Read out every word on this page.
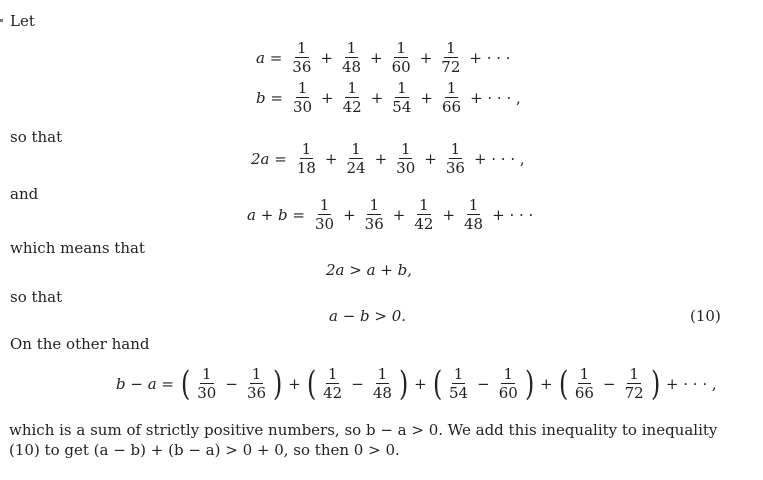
Let
$a = \frac{1}{36} + \frac{1}{48} + \frac{1}{60} + \frac{1}{72}$ + · · ·
$b = \frac{1}{30} + \frac{1}{42} + \frac{1}{54} + \frac{1}{66}$ + · · · ,
so that
$2a = \frac{1}{18} + \frac{1}{24} + \frac{1}{30} + \frac{1}{36}$ + · · · ,
and
$a + b = \frac{1}{30} + \frac{1}{36} + \frac{1}{42} + \frac{1}{48}$ + · · ·
which means that
2a > a + b,
so that
a − b > 0.	(10)
On the other hand
b − a = ( $\frac{1}{30} - \frac{1}{36}$ ) + ( $\frac{1}{42} - \frac{1}{48}$ ) + ( $\frac{1}{54} - \frac{1}{60}$ ) + ( $\frac{1}{66} - \frac{1}{72}$ ) + · · · ,
which is a sum of strictly positive numbers, so b − a > 0. We add this inequality to inequality (10) to get (a − b) + (b − a) > 0 + 0, so then 0 > 0.
